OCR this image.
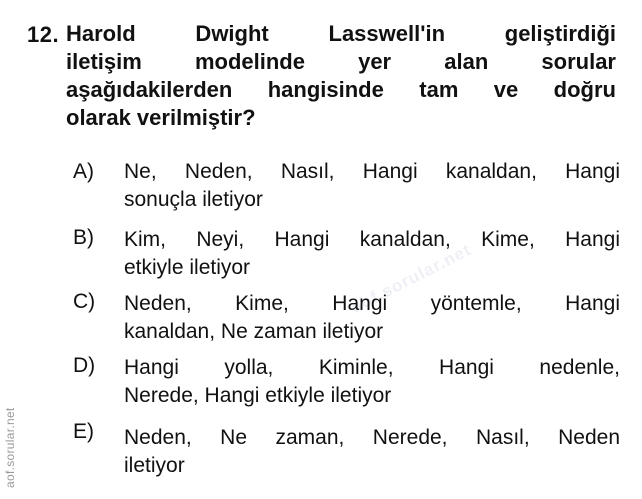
12. Harold Dwight Lasswell'in geliştirdiği
iletişim modelinde yer alan sorular
aşağıdakilerden hangisinde tam ve doğru
olarak verilmiştir?
aof.sorular.net
A) Ne, Neden, Nasıl, Hangi kanaldan, Hangi
sonuçla iletiyor
B) Kim, Neyi, Hangi kanaldan, Kime, Hangi
etkiyle iletiyor
C) Neden, Kime, Hangi yöntemle, Hangi
kanaldan, Ne zaman iletiyor
D) Hangi yolla, Kiminle, Hangi nedenle,
Nerede, Hangi etkiyle iletiyor
E) Neden, Ne zaman, Nerede, Nasıl, Neden
iletiyor
aof.sorular.net
